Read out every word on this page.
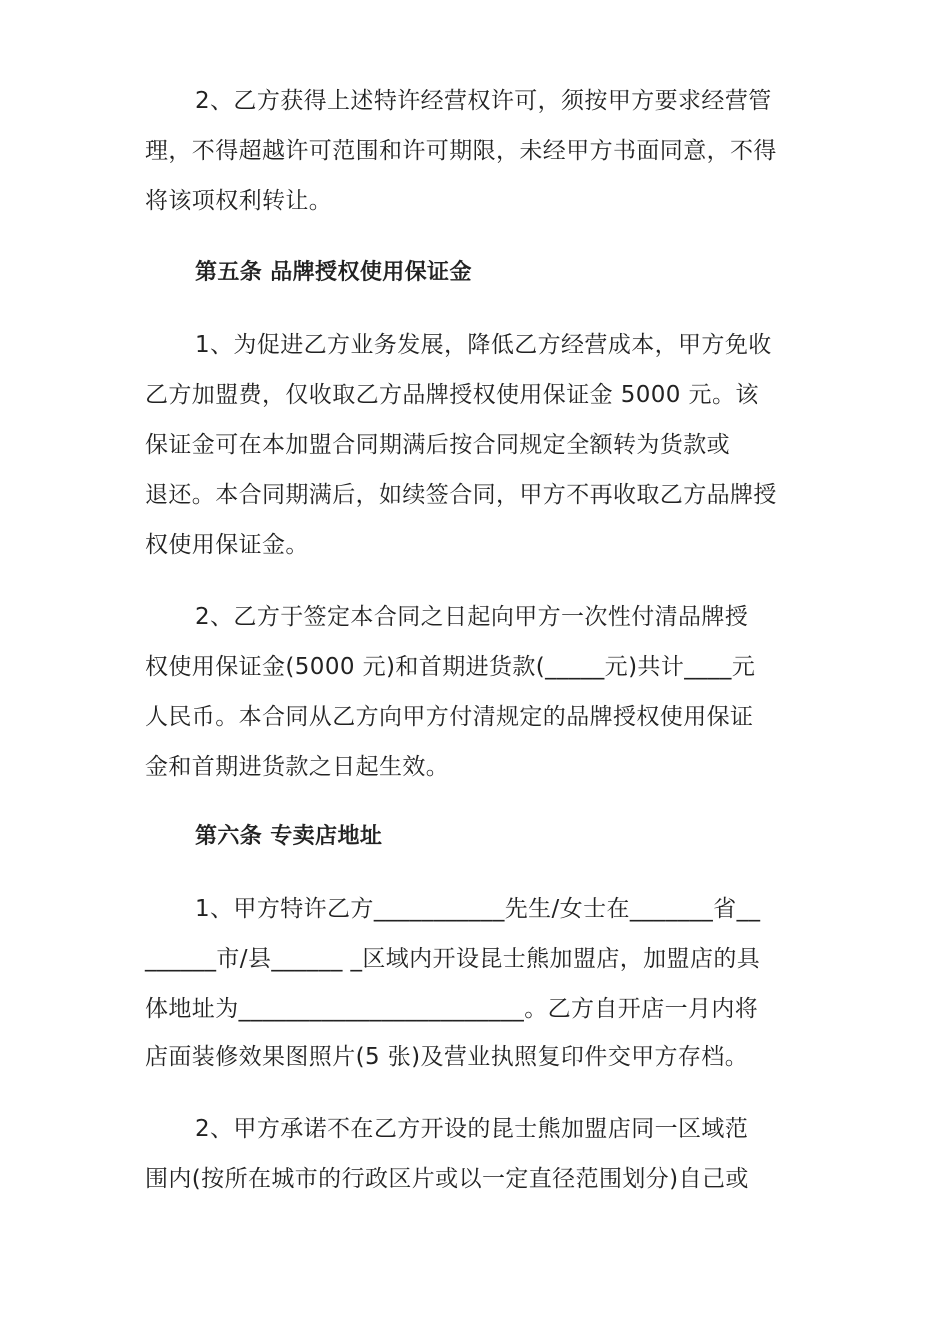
2、乙方获得上述特许经营权许可，须按甲方要求经营管
理，不得超越许可范围和许可期限，未经甲方书面同意，不得
将该项权利转让。
第五条 品牌授权使用保证金
1、为促进乙方业务发展，降低乙方经营成本，甲方免收
乙方加盟费，仅收取乙方品牌授权使用保证金 5000 元。该
保证金可在本加盟合同期满后按合同规定全额转为货款或
退还。本合同期满后，如续签合同，甲方不再收取乙方品牌授
权使用保证金。
2、乙方于签定本合同之日起向甲方一次性付清品牌授
权使用保证金(5000 元)和首期进货款(_____元)共计____元
人民币。本合同从乙方向甲方付清规定的品牌授权使用保证
金和首期进货款之日起生效。
第六条 专卖店地址
1、甲方特许乙方___________先生/女士在_______省__
______市/县______ _区域内开设昆士熊加盟店，加盟店的具
体地址为________________________。乙方自开店一月内将
店面装修效果图照片(5 张)及营业执照复印件交甲方存档。
2、甲方承诺不在乙方开设的昆士熊加盟店同一区域范
围内(按所在城市的行政区片或以一定直径范围划分)自己或
